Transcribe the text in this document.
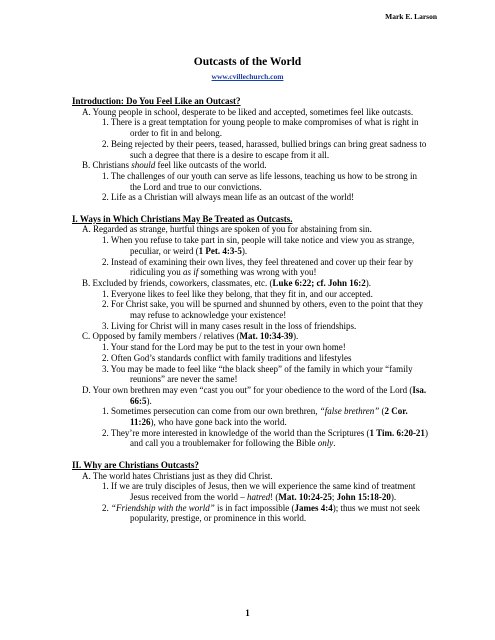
Mark E. Larson
Outcasts of the World
www.cvillechurch.com

Introduction: Do You Feel Like an Outcast?

A. Young people in school, desperate to be liked and accepted, sometimes feel like outcasts.

1. There is a great temptation for young people to make compromises of what is right in order to fit in and belong.

2. Being rejected by their peers, teased, harassed, bullied brings can bring great sadness to such a degree that there is a desire to escape from it all.

B. Christians should feel like outcasts of the world.

1. The challenges of our youth can serve as life lessons, teaching us how to be strong in the Lord and true to our convictions.

2. Life as a Christian will always mean life as an outcast of the world!

I. Ways in Which Christians May Be Treated as Outcasts.

A. Regarded as strange, hurtful things are spoken of you for abstaining from sin.

1. When you refuse to take part in sin, people will take notice and view you as strange, peculiar, or weird (1 Pet. 4:3-5).

2. Instead of examining their own lives, they feel threatened and cover up their fear by ridiculing you as if something was wrong with you!

B. Excluded by friends, coworkers, classmates, etc. (Luke 6:22; cf. John 16:2).

1. Everyone likes to feel like they belong, that they fit in, and our accepted.

2. For Christ sake, you will be spurned and shunned by others, even to the point that they may refuse to acknowledge your existence!

3. Living for Christ will in many cases result in the loss of friendships.

C. Opposed by family members / relatives (Mat. 10:34-39).

1. Your stand for the Lord may be put to the test in your own home!

2. Often God’s standards conflict with family traditions and lifestyles

3. You may be made to feel like “the black sheep” of the family in which your “family reunions” are never the same!

D. Your own brethren may even “cast you out” for your obedience to the word of the Lord (Isa. 66:5).

1. Sometimes persecution can come from our own brethren, “false brethren” (2 Cor. 11:26), who have gone back into the world.

2. They’re more interested in knowledge of the world than the Scriptures (1 Tim. 6:20-21) and call you a troublemaker for following the Bible only.

II. Why are Christians Outcasts?

A. The world hates Christians just as they did Christ.

1. If we are truly disciples of Jesus, then we will experience the same kind of treatment Jesus received from the world – hatred! (Mat. 10:24-25; John 15:18-20).

2. “Friendship with the world” is in fact impossible (James 4:4); thus we must not seek popularity, prestige, or prominence in this world.

1
